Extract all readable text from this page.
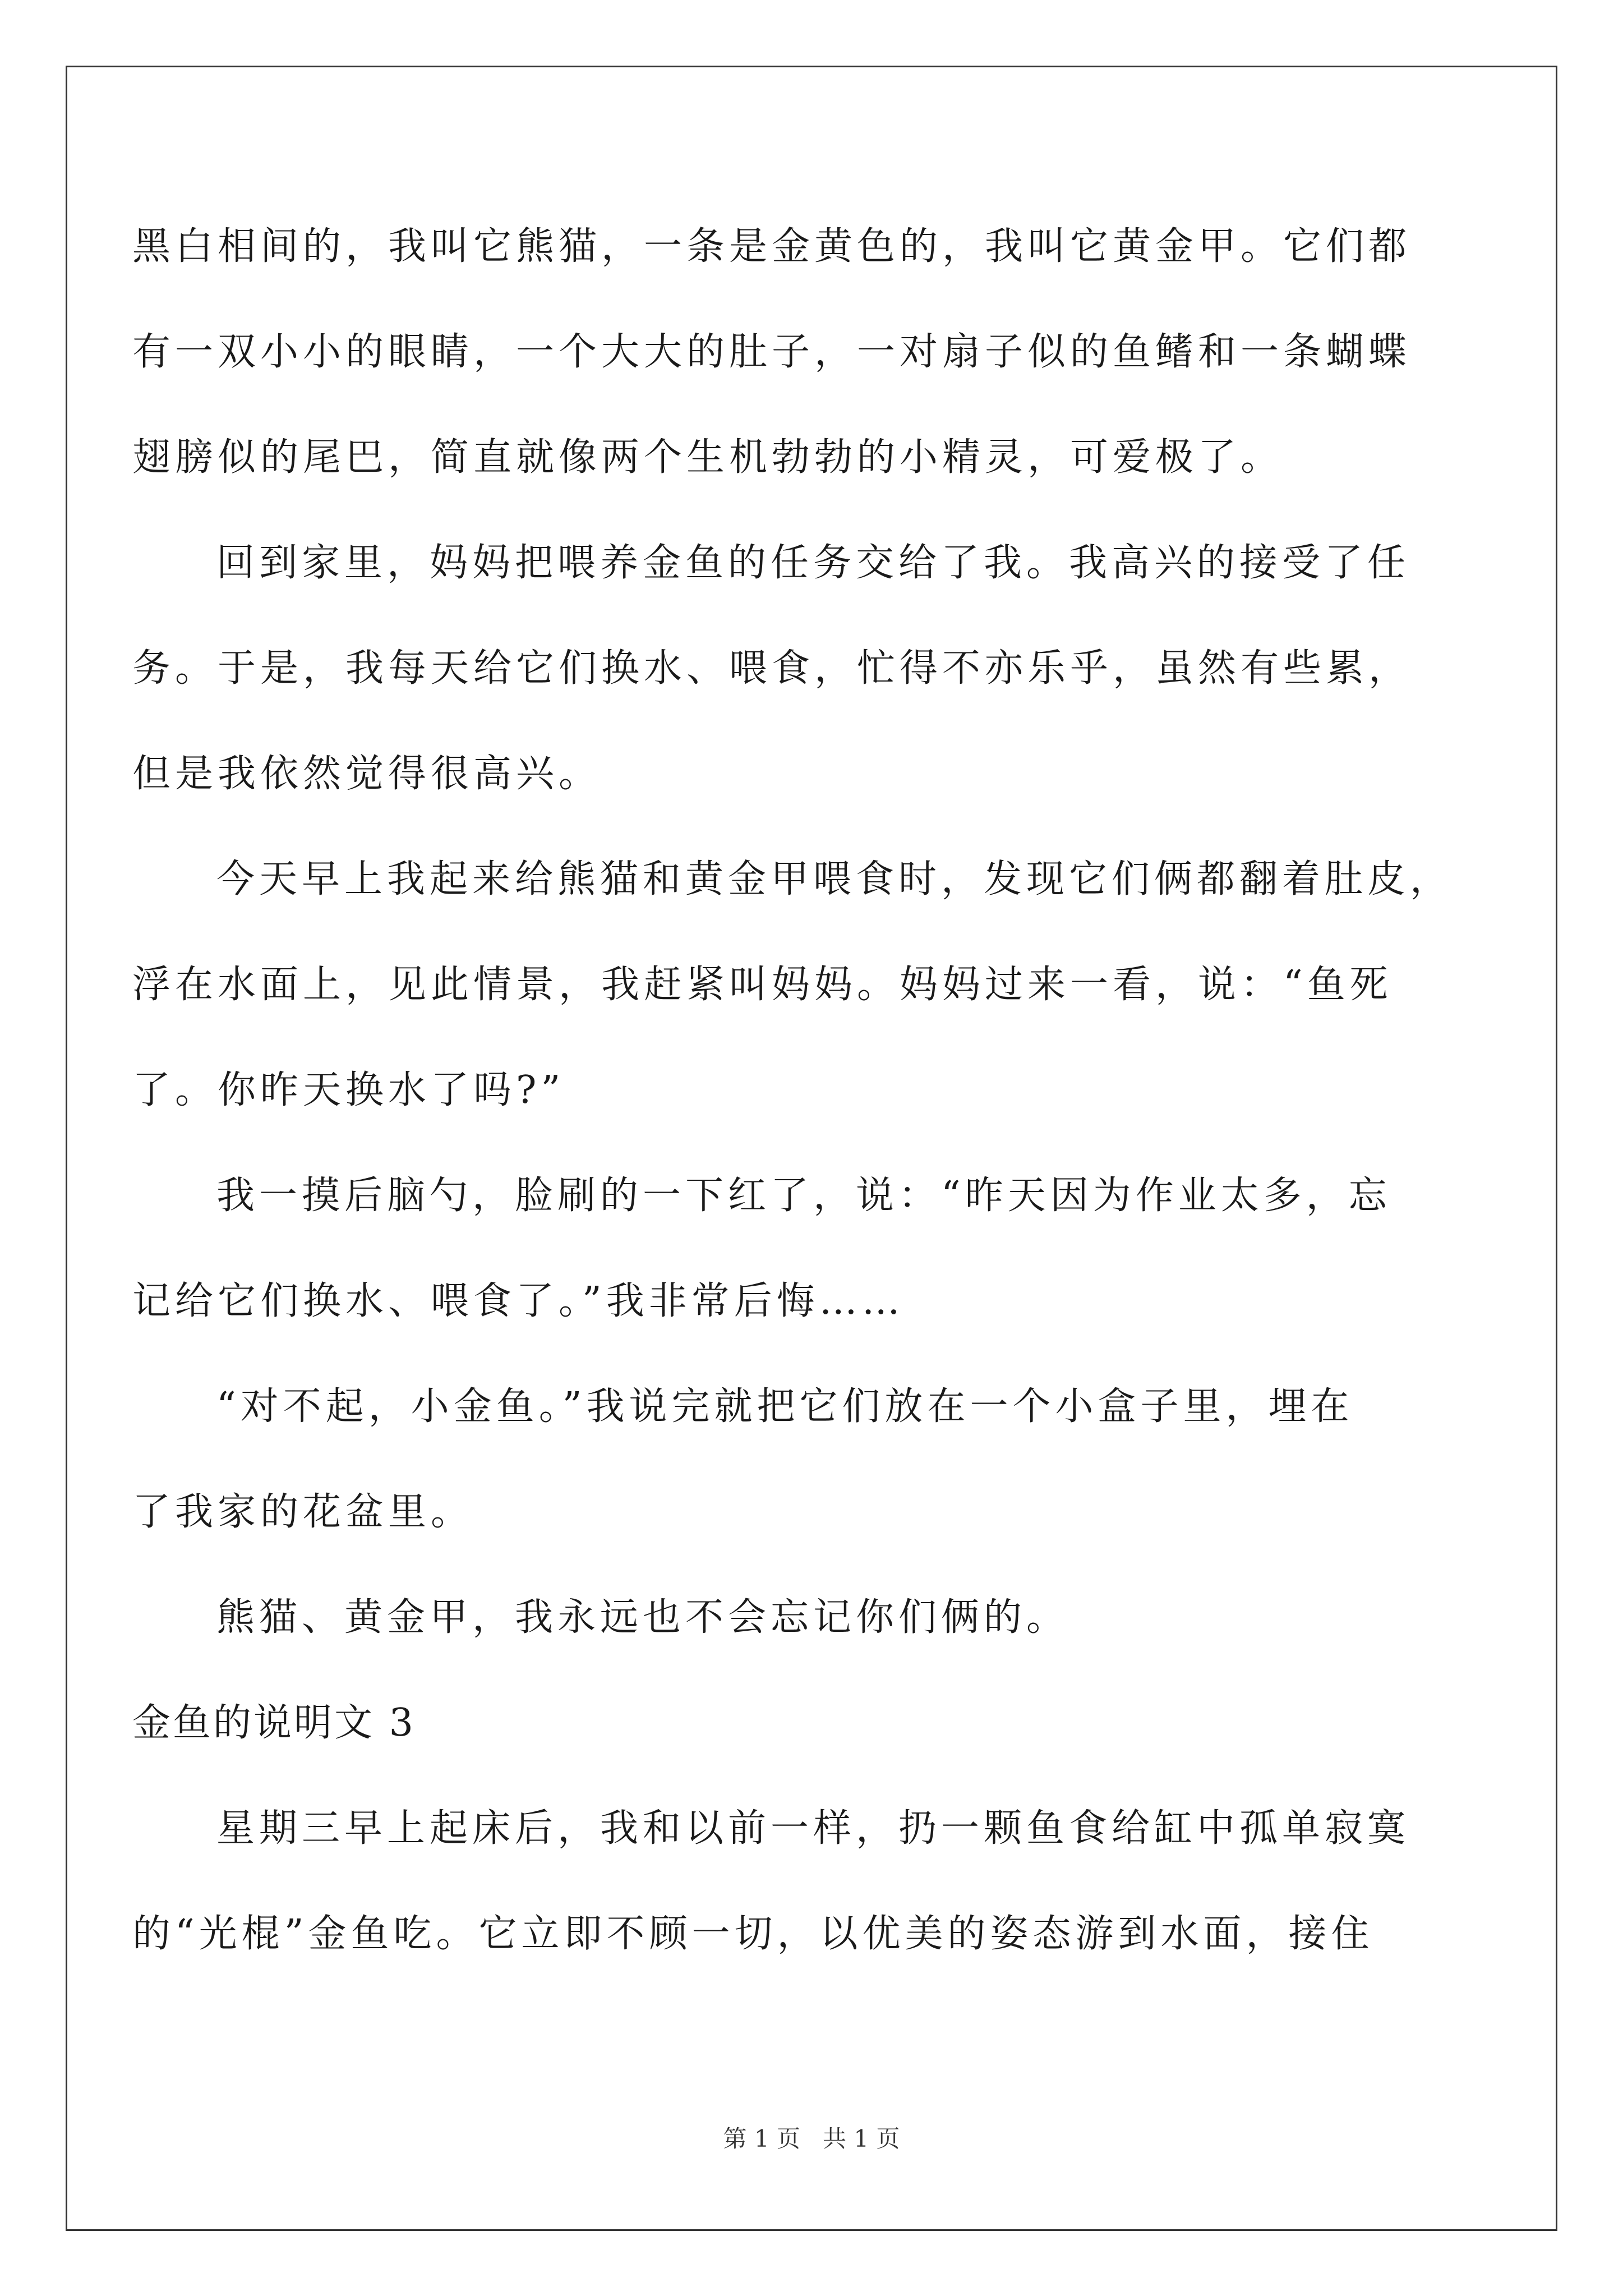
黑白相间的，我叫它熊猫，一条是金黄色的，我叫它黄金甲。它们都
有一双小小的眼睛，一个大大的肚子，一对扇子似的鱼鳍和一条蝴蝶
翅膀似的尾巴，简直就像两个生机勃勃的小精灵，可爱极了。
回到家里，妈妈把喂养金鱼的任务交给了我。我高兴的接受了任
务。于是，我每天给它们换水、喂食，忙得不亦乐乎，虽然有些累，
但是我依然觉得很高兴。
今天早上我起来给熊猫和黄金甲喂食时，发现它们俩都翻着肚皮，
浮在水面上，见此情景，我赶紧叫妈妈。妈妈过来一看，说：“鱼死
了。你昨天换水了吗?”
我一摸后脑勺，脸刷的一下红了，说：“昨天因为作业太多，忘
记给它们换水、喂食了。”我非常后悔……
“对不起，小金鱼。”我说完就把它们放在一个小盒子里，埋在
了我家的花盆里。
熊猫、黄金甲，我永远也不会忘记你们俩的。
金鱼的说明文 3
星期三早上起床后，我和以前一样，扔一颗鱼食给缸中孤单寂寞
的“光棍”金鱼吃。它立即不顾一切，以优美的姿态游到水面，接住
第 1 页   共 1 页
